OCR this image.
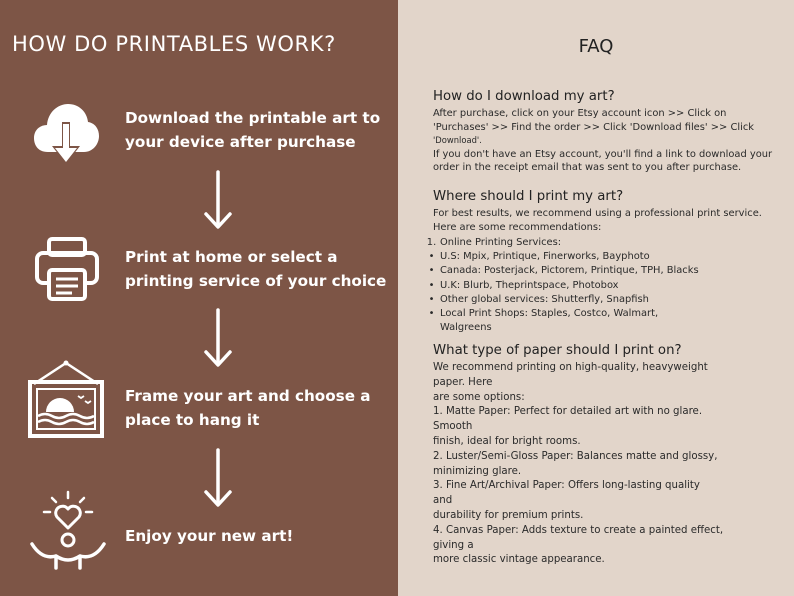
HOW DO PRINTABLES WORK?
Download the printable art to
your device after purchase
Print at home or select a
printing service of your choice
Frame your art and choose a
place to hang it
Enjoy your new art!
FAQ
How do I download my art?
After purchase, click on your Etsy account icon >> Click on
'Purchases' >> Find the order >> Click 'Download files' >> Click
'Download'.
If you don't have an Etsy account, you'll find a link to download your
order in the receipt email that was sent to you after purchase.
Where should I print my art?
For best results, we recommend using a professional print service.
Here are some recommendations:
1. Online Printing Services:
• U.S: Mpix, Printique, Finerworks, Bayphoto
• Canada: Posterjack, Pictorem, Printique, TPH, Blacks
• U.K: Blurb, Theprintspace, Photobox
• Other global services: Shutterfly, Snapfish
• Local Print Shops: Staples, Costco, Walmart,
Walgreens
What type of paper should I print on?
We recommend printing on high-quality, heavyweight
paper. Here
are some options:
1. Matte Paper: Perfect for detailed art with no glare.
Smooth
finish, ideal for bright rooms.
2. Luster/Semi-Gloss Paper: Balances matte and glossy,
minimizing glare.
3. Fine Art/Archival Paper: Offers long-lasting quality
and
durability for premium prints.
4. Canvas Paper: Adds texture to create a painted effect,
giving a
more classic vintage appearance.
